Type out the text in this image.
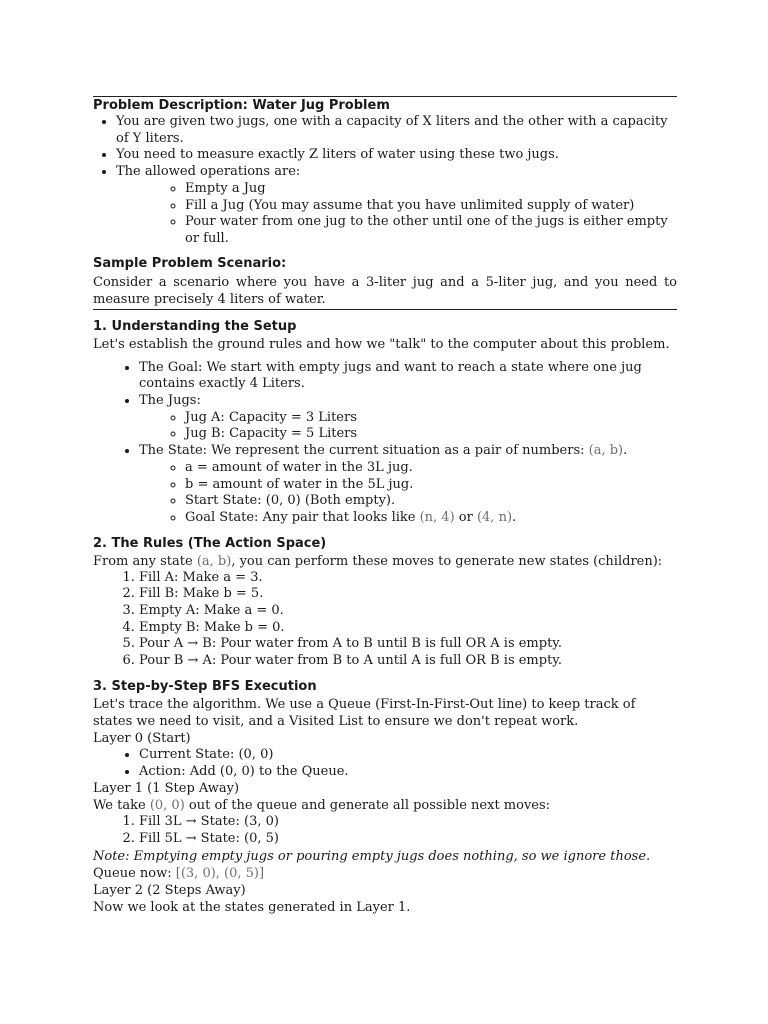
Problem Description: Water Jug Problem
• You are given two jugs, one with a capacity of X liters and the other with a capacity of Y liters.
• You need to measure exactly Z liters of water using these two jugs.
• The allowed operations are:
◦ Empty a Jug
◦ Fill a Jug (You may assume that you have unlimited supply of water)
◦ Pour water from one jug to the other until one of the jugs is either empty or full.
Sample Problem Scenario:
Consider a scenario where you have a 3-liter jug and a 5-liter jug, and you need to measure precisely 4 liters of water.
1. Understanding the Setup
Let's establish the ground rules and how we "talk" to the computer about this problem.
• The Goal: We start with empty jugs and want to reach a state where one jug contains exactly 4 Liters.
• The Jugs:
◦ Jug A: Capacity = 3 Liters
◦ Jug B: Capacity = 5 Liters
• The State: We represent the current situation as a pair of numbers: (a, b).
◦ a = amount of water in the 3L jug.
◦ b = amount of water in the 5L jug.
◦ Start State: (0, 0) (Both empty).
◦ Goal State: Any pair that looks like (n, 4) or (4, n).
2. The Rules (The Action Space)
From any state (a, b), you can perform these moves to generate new states (children):
1. Fill A: Make a = 3.
2. Fill B: Make b = 5.
3. Empty A: Make a = 0.
4. Empty B: Make b = 0.
5. Pour A → B: Pour water from A to B until B is full OR A is empty.
6. Pour B → A: Pour water from B to A until A is full OR B is empty.
3. Step-by-Step BFS Execution
Let's trace the algorithm. We use a Queue (First-In-First-Out line) to keep track of states we need to visit, and a Visited List to ensure we don't repeat work.
Layer 0 (Start)
• Current State: (0, 0)
• Action: Add (0, 0) to the Queue.
Layer 1 (1 Step Away)
We take (0, 0) out of the queue and generate all possible next moves:
1. Fill 3L → State: (3, 0)
2. Fill 5L → State: (0, 5)
Note: Emptying empty jugs or pouring empty jugs does nothing, so we ignore those.
Queue now: [(3, 0), (0, 5)]
Layer 2 (2 Steps Away)
Now we look at the states generated in Layer 1.
